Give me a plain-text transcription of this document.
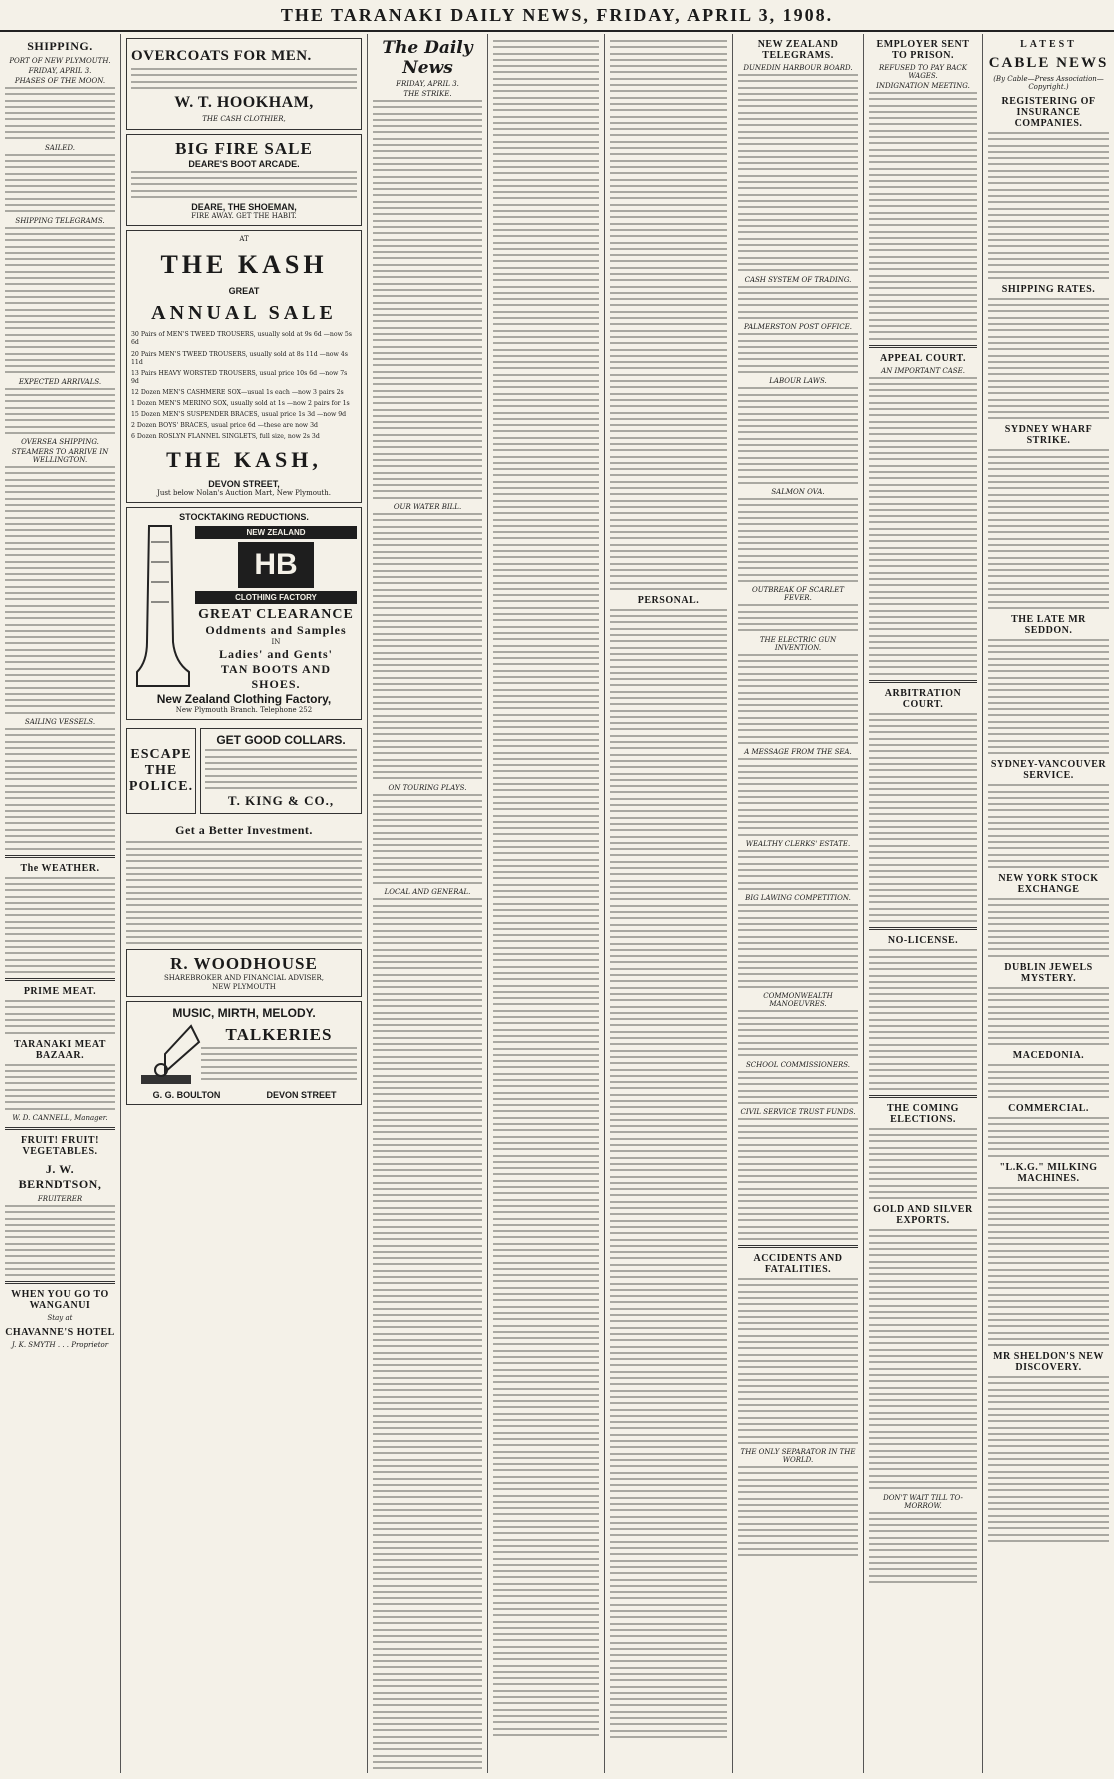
THE TARANAKI DAILY NEWS, FRIDAY, APRIL 3, 1908.
SHIPPING.
PORT OF NEW PLYMOUTH.
FRIDAY, APRIL 3.
PHASES OF THE MOON.
SAILED.
SHIPPING TELEGRAMS.
EXPECTED ARRIVALS.
OVERSEA SHIPPING.
STEAMERS TO ARRIVE IN WELLINGTON.
SAILING VESSELS.
The WEATHER.
PRIME MEAT.
TARANAKI MEAT BAZAAR.
W. D. CANNELL, Manager.
FRUIT! FRUIT! VEGETABLES.
J. W. BERNDTSON,
FRUITERER
WHEN YOU GO TO WANGANUI
Stay at
CHAVANNE'S HOTEL
J. K. SMYTH . . . Proprietor
OVERCOATS FOR MEN.
W. T. HOOKHAM,
THE CASH CLOTHIER,
BIG FIRE SALE
DEARE'S BOOT ARCADE.
DEARE, THE SHOEMAN,
FIRE AWAY. GET THE HABIT.
AT
THE KASH
GREAT
ANNUAL SALE
30 Pairs of MEN'S TWEED TROUSERS, usually sold at 9s 6d —now 5s 6d
20 Pairs MEN'S TWEED TROUSERS, usually sold at 8s 11d —now 4s 11d
13 Pairs HEAVY WORSTED TROUSERS, usual price 10s 6d —now 7s 9d
12 Dozen MEN'S CASHMERE SOX—usual 1s each —now 3 pairs 2s
1 Dozen MEN'S MERINO SOX, usually sold at 1s —now 2 pairs for 1s
15 Dozen MEN'S SUSPENDER BRACES, usual price 1s 3d —now 9d
2 Dozen BOYS' BRACES, usual price 6d —these are now 3d
6 Dozen ROSLYN FLANNEL SINGLETS, full size, now 2s 3d
THE KASH,
DEVON STREET,
Just below Nolan's Auction Mart, New Plymouth.
STOCKTAKING REDUCTIONS.
NEW ZEALAND
HB
CLOTHING FACTORY
GREAT CLEARANCE
Oddments and Samples
IN
Ladies' and Gents'
TAN BOOTS AND SHOES.
New Zealand Clothing Factory,
New Plymouth Branch. Telephone 252
ESCAPE THE POLICE.
GET GOOD COLLARS.
T. KING & CO.,
Get a Better Investment.
R. WOODHOUSE
SHAREBROKER AND FINANCIAL ADVISER,
NEW PLYMOUTH
MUSIC, MIRTH, MELODY.
TALKERIES
G. G. BOULTON	DEVON STREET
The Daily News
FRIDAY, APRIL 3.
THE STRIKE.
OUR WATER BILL.
ON TOURING PLAYS.
LOCAL AND GENERAL.
PERSONAL.
NEW ZEALAND TELEGRAMS.
DUNEDIN HARBOUR BOARD.
CASH SYSTEM OF TRADING.
PALMERSTON POST OFFICE.
LABOUR LAWS.
SALMON OVA.
OUTBREAK OF SCARLET FEVER.
THE ELECTRIC GUN INVENTION.
A MESSAGE FROM THE SEA.
WEALTHY CLERKS' ESTATE.
BIG LAWING COMPETITION.
COMMONWEALTH MANOEUVRES.
SCHOOL COMMISSIONERS.
CIVIL SERVICE TRUST FUNDS.
ACCIDENTS AND FATALITIES.
THE ONLY SEPARATOR IN THE WORLD.
EMPLOYER SENT TO PRISON.
REFUSED TO PAY BACK WAGES.
INDIGNATION MEETING.
APPEAL COURT.
AN IMPORTANT CASE.
ARBITRATION COURT.
NO-LICENSE.
THE COMING ELECTIONS.
GOLD AND SILVER EXPORTS.
DON'T WAIT TILL TO-MORROW.
LATEST
CABLE NEWS
(By Cable—Press Association—Copyright.)
REGISTERING OF INSURANCE COMPANIES.
SHIPPING RATES.
SYDNEY WHARF STRIKE.
THE LATE MR SEDDON.
SYDNEY-VANCOUVER SERVICE.
NEW YORK STOCK EXCHANGE
DUBLIN JEWELS MYSTERY.
MACEDONIA.
COMMERCIAL.
"L.K.G." MILKING MACHINES.
MR SHELDON'S NEW DISCOVERY.
